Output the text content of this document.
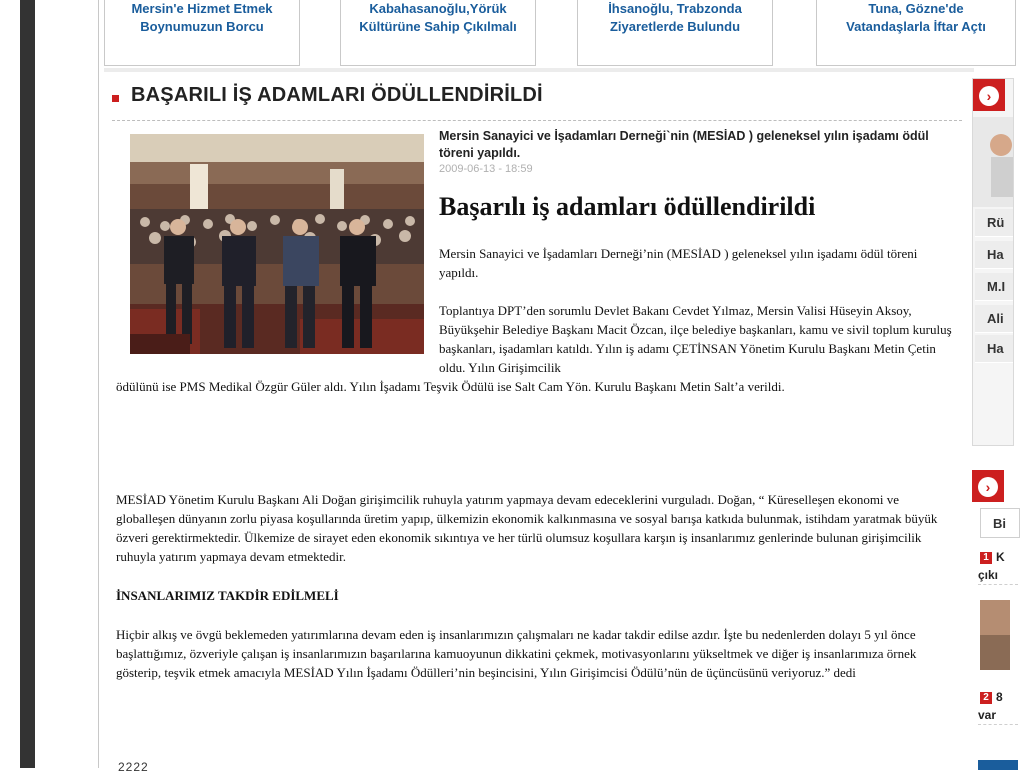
Mersin'e Hizmet Etmek
Boynumuzun Borcu
Kabahasanoğlu,Yörük
Kültürüne Sahip Çıkılmalı
İhsanoğlu, Trabzonda
Ziyaretlerde Bulundu
Tuna, Gözne'de
Vatandaşlarla İftar Açtı
BAŞARILI İŞ ADAMLARI ÖDÜLLENDİRİLDİ
Mersin Sanayici ve İşadamları Derneği`nin (MESİAD ) geleneksel yılın işadamı ödül töreni yapıldı.
2009-06-13 - 18:59
Başarılı iş adamları ödüllendirildi
Mersin Sanayici ve İşadamları Derneği’nin (MESİAD ) geleneksel yılın işadamı ödül töreni yapıldı.
Toplantıya DPT’den sorumlu Devlet Bakanı Cevdet Yılmaz, Mersin Valisi Hüseyin Aksoy, Büyükşehir Belediye Başkanı Macit Özcan, ilçe belediye başkanları, kamu ve sivil toplum kuruluş başkanları, işadamları katıldı. Yılın iş adamı ÇETİNSAN Yönetim Kurulu Başkanı Metin Çetin oldu. Yılın Girişimcilik
ödülünü ise PMS Medikal Özgür Güler aldı. Yılın İşadamı Teşvik Ödülü ise Salt Cam Yön. Kurulu Başkanı Metin Salt’a verildi.
MESİAD Yönetim Kurulu Başkanı Ali Doğan girişimcilik ruhuyla yatırım yapmaya devam edeceklerini vurguladı. Doğan, “ Küreselleşen ekonomi ve globalleşen dünyanın zorlu piyasa koşullarında üretim yapıp, ülkemizin ekonomik kalkınmasına ve sosyal barışa katkıda bulunmak, istihdam yaratmak büyük özveri gerektirmektedir. Ülkemize de sirayet eden ekonomik sıkıntıya ve her türlü olumsuz koşullara karşın iş insanlarımız genlerinde bulunan girişimcilik ruhuyla yatırım yapmaya devam etmektedir.
İNSANLARIMIZ TAKDİR EDİLMELİ
Hiçbir alkış ve övgü beklemeden yatırımlarına devam eden iş insanlarımızın çalışmaları ne kadar takdir edilse azdır. İşte bu nedenlerden dolayı 5 yıl önce başlattığımız, özveriyle çalışan iş insanlarımızın başarılarına kamuoyunun dikkatini çekmek, motivasyonlarını yükseltmek ve diğer iş insanlarımıza örnek gösterip, teşvik etmek amacıyla MESİAD Yılın İşadamı Ödülleri’nin beşincisini, Yılın Girişimcisi Ödülü’nün de üçüncüsünü veriyoruz.” dedi
2222
›
Rü
Ha
M.I
Ali
Ha
›
Bi
1 K
çıkı
2 8
var
